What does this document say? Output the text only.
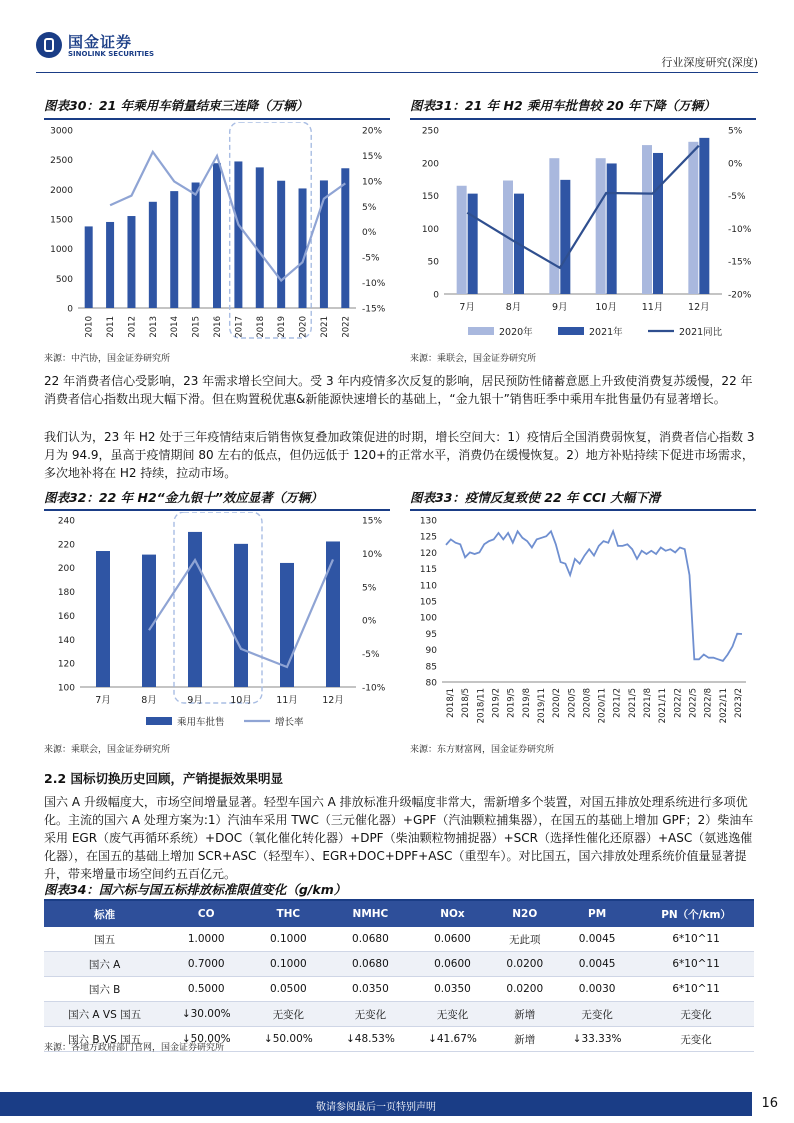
国金证券
SINOLINK SECURITIES
行业深度研究(深度)
图表30：21 年乘用车销量结束三连降（万辆）
0
500
1000
1500
2000
2500
3000
-15%
-10%
-5%
0%
5%
10%
15%
20%
2010 2011 2012 2013 2014 2015 2016 2017 2018 2019 2020 2021 2022
来源：中汽协，国金证券研究所
图表31：21 年 H2 乘用车批售较 20 年下降（万辆）
0
50
100
150
200
250
-20%
-15%
-10%
-5%
0%
5%
7月	8月	9月	10月	11月	12月
2020年	2021年	2021同比
来源：乘联会，国金证券研究所

22 年消费者信心受影响，23 年需求增长空间大。受 3 年内疫情多次反复的影响，居民预防性储蓄意愿上升致使消费复苏缓慢，22 年消费者信心指数出现大幅下滑。但在购置税优惠&新能源快速增长的基础上，“金九银十”销售旺季中乘用车批售量仍有显著增长。

我们认为，23 年 H2 处于三年疫情结束后销售恢复叠加政策促进的时期，增长空间大：1）疫情后全国消费弱恢复，消费者信心指数 3 月为 94.9，虽高于疫情期间 80 左右的低点，但仍远低于 120+的正常水平，消费仍在缓慢恢复。2）地方补贴持续下促进市场需求，多次地补将在 H2 持续，拉动市场。

图表32：22 年 H2“金九银十”效应显著（万辆）
100
120
140
160
180
200
220
240
-10%
-5%
0%
5%
10%
15%
7月	8月	9月	10月	11月	12月
乘用车批售	增长率
来源：乘联会，国金证券研究所
图表33：疫情反复致使 22 年 CCI 大幅下滑
80
85
90
95
100
105
110
115
120
125
130
2018/1 2018/5 2018/11 2019/2 2019/5 2019/8 2019/11 2020/2 2020/5 2020/8 2020/11 2021/2 2021/5 2021/8 2021/11 2022/2 2022/5 2022/8 2022/11 2023/2
来源：东方财富网，国金证券研究所
2.2 国标切换历史回顾，产销提振效果明显

国六 A 升级幅度大，市场空间增量显著。轻型车国六 A 排放标准升级幅度非常大，需新增多个装置，对国五排放处理系统进行多项优化。主流的国六 A 处理方案为:1）汽油车采用 TWC（三元催化器）+GPF（汽油颗粒捕集器），在国五的基础上增加 GPF；2）柴油车采用 EGR（废气再循环系统）+DOC（氧化催化转化器）+DPF（柴油颗粒物捕捉器）+SCR（选择性催化还原器）+ASC（氨逃逸催化器），在国五的基础上增加 SCR+ASC（轻型车）、EGR+DOC+DPF+ASC（重型车）。对比国五，国六排放处理系统价值量显著提升，带来增量市场空间约五百亿元。

图表34：国六标与国五标排放标准限值变化（g/km）
标准	CO	THC	NMHC	NOx	N2O	PM	PN（个/km）
国五	1.0000	0.1000	0.0680	0.0600	无此项	0.0045	6*10^11
国六 A	0.7000	0.1000	0.0680	0.0600	0.0200	0.0045	6*10^11
国六 B	0.5000	0.0500	0.0350	0.0350	0.0200	0.0030	6*10^11
国六 A VS 国五	↓30.00%	无变化	无变化	无变化	新增	无变化	无变化
国六 B VS 国五	↓50.00%	↓50.00%	↓48.53%	↓41.67%	新增	↓33.33%	无变化
来源：各地方政府部门官网，国金证券研究所
敬请参阅最后一页特别声明	16
